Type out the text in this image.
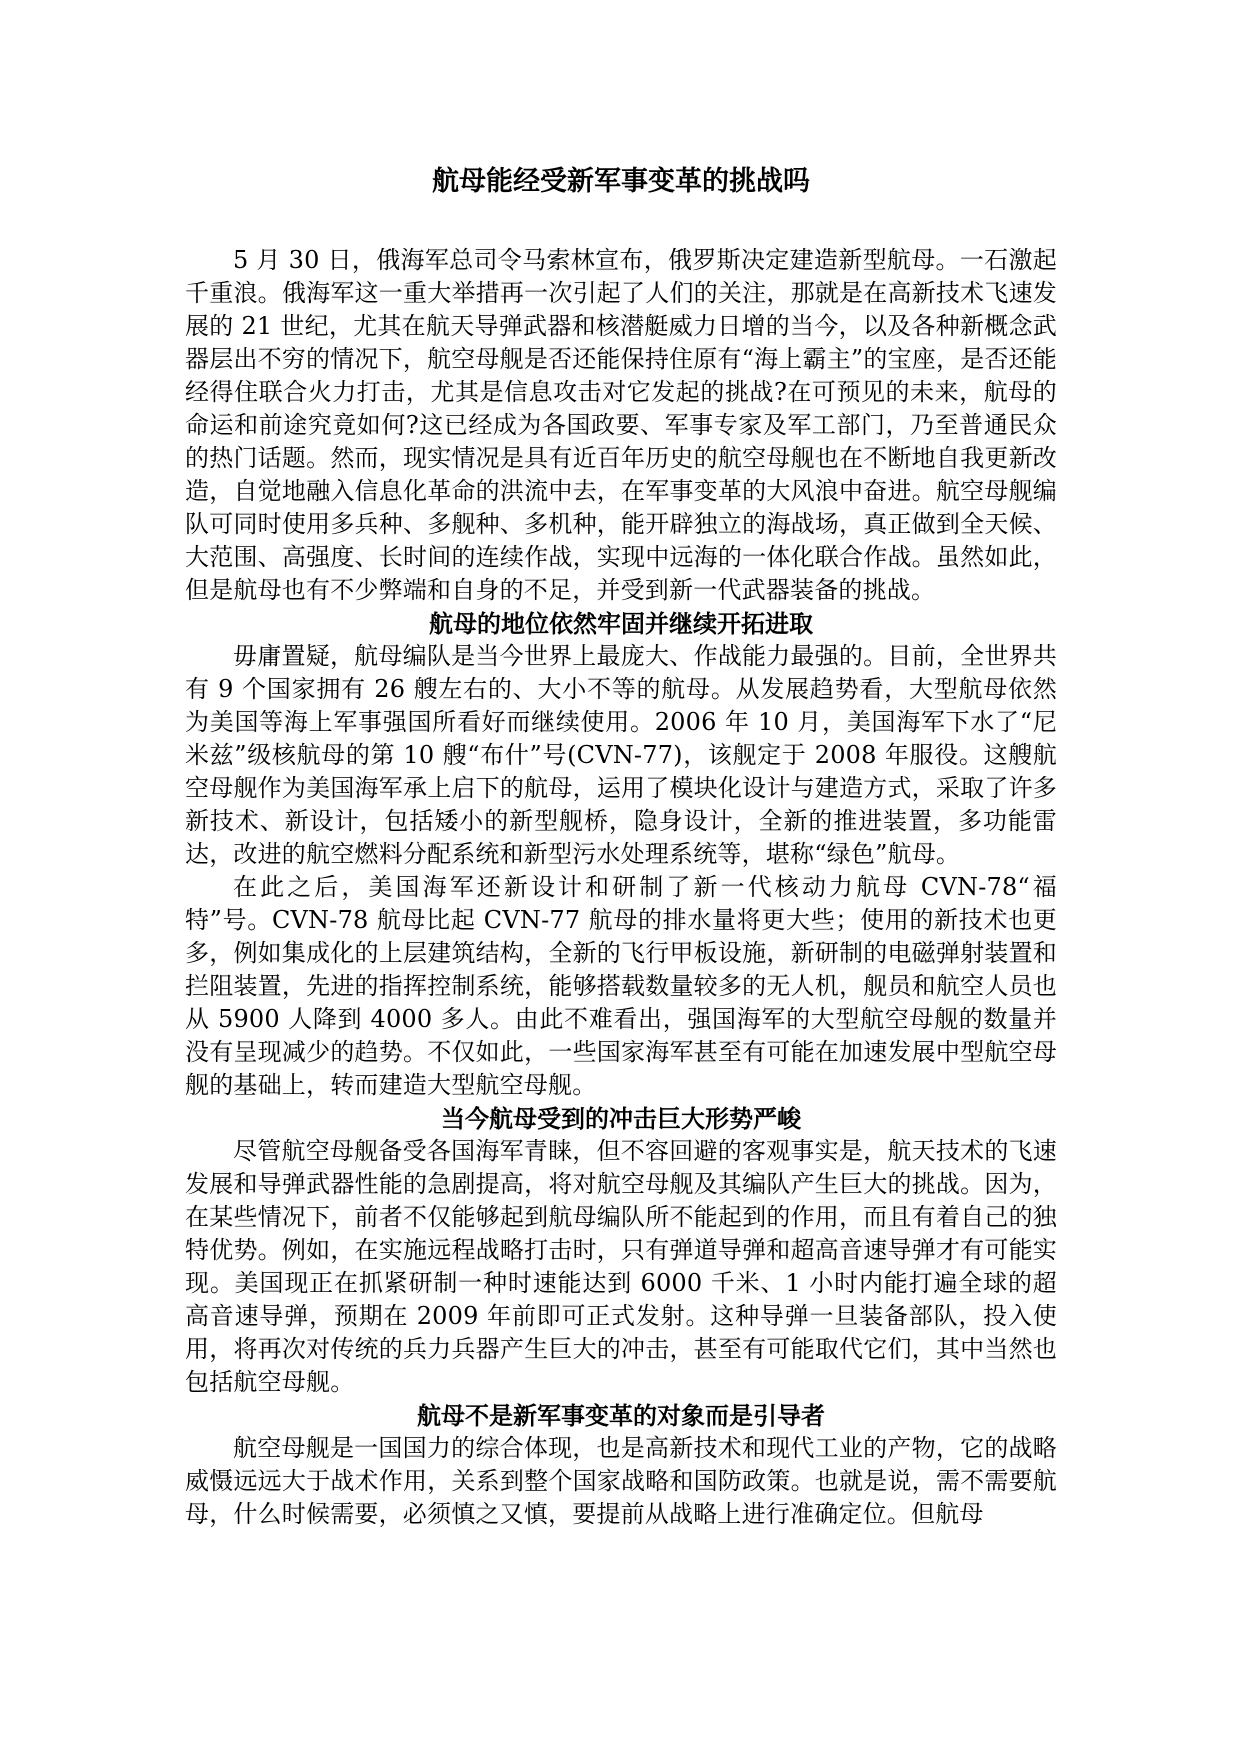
航母能经受新军事变革的挑战吗

5 月 30 日，俄海军总司令马索林宣布，俄罗斯决定建造新型航母。一石激起千重浪。俄海军这一重大举措再一次引起了人们的关注，那就是在高新技术飞速发展的 21 世纪，尤其在航天导弹武器和核潜艇威力日增的当今，以及各种新概念武器层出不穷的情况下，航空母舰是否还能保持住原有“海上霸主”的宝座，是否还能经得住联合火力打击，尤其是信息攻击对它发起的挑战?在可预见的未来，航母的命运和前途究竟如何?这已经成为各国政要、军事专家及军工部门，乃至普通民众的热门话题。然而，现实情况是具有近百年历史的航空母舰也在不断地自我更新改造，自觉地融入信息化革命的洪流中去，在军事变革的大风浪中奋进。航空母舰编队可同时使用多兵种、多舰种、多机种，能开辟独立的海战场，真正做到全天候、大范围、高强度、长时间的连续作战，实现中远海的一体化联合作战。虽然如此，但是航母也有不少弊端和自身的不足，并受到新一代武器装备的挑战。

航母的地位依然牢固并继续开拓进取

毋庸置疑，航母编队是当今世界上最庞大、作战能力最强的。目前，全世界共有 9 个国家拥有 26 艘左右的、大小不等的航母。从发展趋势看，大型航母依然为美国等海上军事强国所看好而继续使用。2006 年 10 月，美国海军下水了“尼米兹”级核航母的第 10 艘“布什”号(CVN-77)，该舰定于 2008 年服役。这艘航空母舰作为美国海军承上启下的航母，运用了模块化设计与建造方式，采取了许多新技术、新设计，包括矮小的新型舰桥，隐身设计，全新的推进装置，多功能雷达，改进的航空燃料分配系统和新型污水处理系统等，堪称“绿色”航母。

在此之后，美国海军还新设计和研制了新一代核动力航母 CVN-78“福特”号。CVN-78 航母比起 CVN-77 航母的排水量将更大些；使用的新技术也更多，例如集成化的上层建筑结构，全新的飞行甲板设施，新研制的电磁弹射装置和拦阻装置，先进的指挥控制系统，能够搭载数量较多的无人机，舰员和航空人员也从 5900 人降到 4000 多人。由此不难看出，强国海军的大型航空母舰的数量并没有呈现减少的趋势。不仅如此，一些国家海军甚至有可能在加速发展中型航空母舰的基础上，转而建造大型航空母舰。

当今航母受到的冲击巨大形势严峻

尽管航空母舰备受各国海军青睐，但不容回避的客观事实是，航天技术的飞速发展和导弹武器性能的急剧提高，将对航空母舰及其编队产生巨大的挑战。因为，在某些情况下，前者不仅能够起到航母编队所不能起到的作用，而且有着自己的独特优势。例如，在实施远程战略打击时，只有弹道导弹和超高音速导弹才有可能实现。美国现正在抓紧研制一种时速能达到 6000 千米、1 小时内能打遍全球的超高音速导弹，预期在 2009 年前即可正式发射。这种导弹一旦装备部队，投入使用，将再次对传统的兵力兵器产生巨大的冲击，甚至有可能取代它们，其中当然也包括航空母舰。

航母不是新军事变革的对象而是引导者

航空母舰是一国国力的综合体现，也是高新技术和现代工业的产物，它的战略威慑远远大于战术作用，关系到整个国家战略和国防政策。也就是说，需不需要航母，什么时候需要，必须慎之又慎，要提前从战略上进行准确定位。但航母
